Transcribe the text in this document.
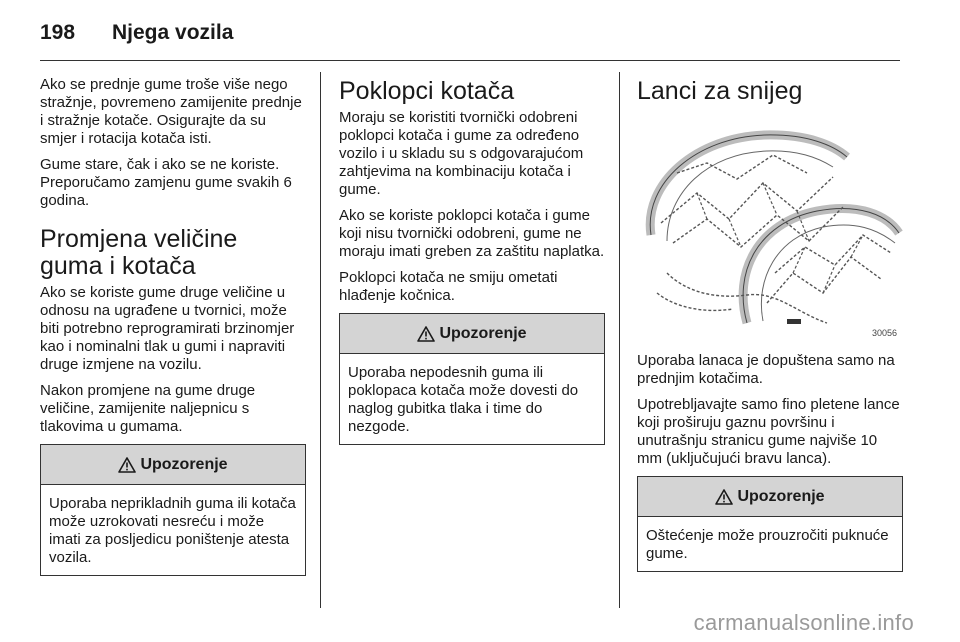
198	Njega vozila

Ako se prednje gume troše više nego stražnje, povremeno zamijenite prednje i stražnje kotače. Osigurajte da su smjer i rotacija kotača isti.

Gume stare, čak i ako se ne koriste. Preporučamo zamjenu gume svakih 6 godina.

Promjena veličine guma i kotača

Ako se koriste gume druge veličine u odnosu na ugrađene u tvornici, može biti potrebno reprogramirati brzinomjer kao i nominalni tlak u gumi i napraviti druge izmjene na vozilu.

Nakon promjene na gume druge veličine, zamijenite naljepnicu s tlakovima u gumama.

Upozorenje
Uporaba neprikladnih guma ili kotača može uzrokovati nesreću i može imati za posljedicu poništenje atesta vozila.
Poklopci kotača

Moraju se koristiti tvornički odobreni poklopci kotača i gume za određeno vozilo i u skladu su s odgovarajućom zahtjevima na kombinaciju kotača i gume.

Ako se koriste poklopci kotača i gume koji nisu tvornički odobreni, gume ne moraju imati greben za zaštitu naplatka.

Poklopci kotača ne smiju ometati hlađenje kočnica.

Upozorenje
Uporaba nepodesnih guma ili poklopaca kotača može dovesti do naglog gubitka tlaka i time do nezgode.
Lanci za snijeg
30056

Uporaba lanaca je dopuštena samo na prednjim kotačima.

Upotrebljavajte samo fino pletene lance koji proširuju gaznu površinu i unutrašnju stranicu gume najviše 10 mm (uključujući bravu lanca).

Upozorenje
Oštećenje može prouzročiti puknuće gume.
carmanualsonline.info
